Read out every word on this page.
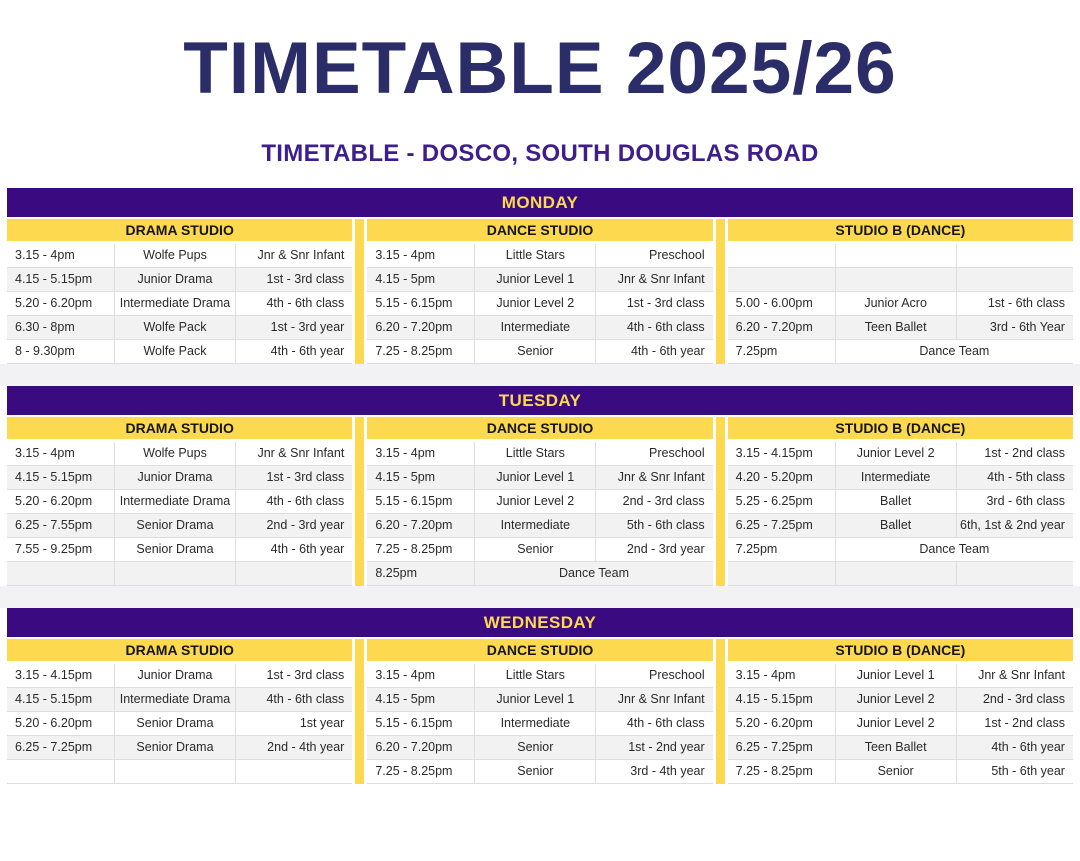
TIMETABLE 2025/26
TIMETABLE - DOSCO, SOUTH DOUGLAS ROAD
MONDAY
DRAMA STUDIO
3.15 - 4pm	Wolfe Pups	Jnr & Snr Infant
4.15 - 5.15pm	Junior Drama	1st - 3rd class
5.20 - 6.20pm	Intermediate Drama	4th - 6th class
6.30 - 8pm	Wolfe Pack	1st - 3rd year
8 - 9.30pm	Wolfe Pack	4th - 6th year
DANCE STUDIO
3.15 - 4pm	Little Stars	Preschool
4.15 - 5pm	Junior Level 1	Jnr & Snr Infant
5.15 - 6.15pm	Junior Level 2	1st - 3rd class
6.20 - 7.20pm	Intermediate	4th - 6th class
7.25 - 8.25pm	Senior	4th - 6th year
STUDIO B (DANCE)
5.00 - 6.00pm	Junior Acro	1st - 6th class
6.20 - 7.20pm	Teen Ballet	3rd - 6th Year
7.25pm	Dance Team
TUESDAY
DRAMA STUDIO
3.15 - 4pm	Wolfe Pups	Jnr & Snr Infant
4.15 - 5.15pm	Junior Drama	1st - 3rd class
5.20 - 6.20pm	Intermediate Drama	4th - 6th class
6.25 - 7.55pm	Senior Drama	2nd - 3rd year
7.55 - 9.25pm	Senior Drama	4th - 6th year
DANCE STUDIO
3.15 - 4pm	Little Stars	Preschool
4.15 - 5pm	Junior Level 1	Jnr & Snr Infant
5.15 - 6.15pm	Junior Level 2	2nd - 3rd class
6.20 - 7.20pm	Intermediate	5th - 6th class
7.25 - 8.25pm	Senior	2nd - 3rd year
8.25pm	Dance Team
STUDIO B (DANCE)
3.15 - 4.15pm	Junior Level 2	1st - 2nd class
4.20 - 5.20pm	Intermediate	4th - 5th class
5.25 - 6.25pm	Ballet	3rd - 6th class
6.25 - 7.25pm	Ballet	6th, 1st & 2nd year
7.25pm	Dance Team
WEDNESDAY
DRAMA STUDIO
3.15 - 4.15pm	Junior Drama	1st - 3rd class
4.15 - 5.15pm	Intermediate Drama	4th - 6th class
5.20 - 6.20pm	Senior Drama	1st year
6.25 - 7.25pm	Senior Drama	2nd - 4th year
DANCE STUDIO
3.15 - 4pm	Little Stars	Preschool
4.15 - 5pm	Junior Level 1	Jnr & Snr Infant
5.15 - 6.15pm	Intermediate	4th - 6th class
6.20 - 7.20pm	Senior	1st - 2nd year
7.25 - 8.25pm	Senior	3rd - 4th year
STUDIO B (DANCE)
3.15 - 4pm	Junior Level 1	Jnr & Snr Infant
4.15 - 5.15pm	Junior Level 2	2nd - 3rd class
5.20 - 6.20pm	Junior Level 2	1st - 2nd class
6.25 - 7.25pm	Teen Ballet	4th - 6th year
7.25 - 8.25pm	Senior	5th - 6th year
